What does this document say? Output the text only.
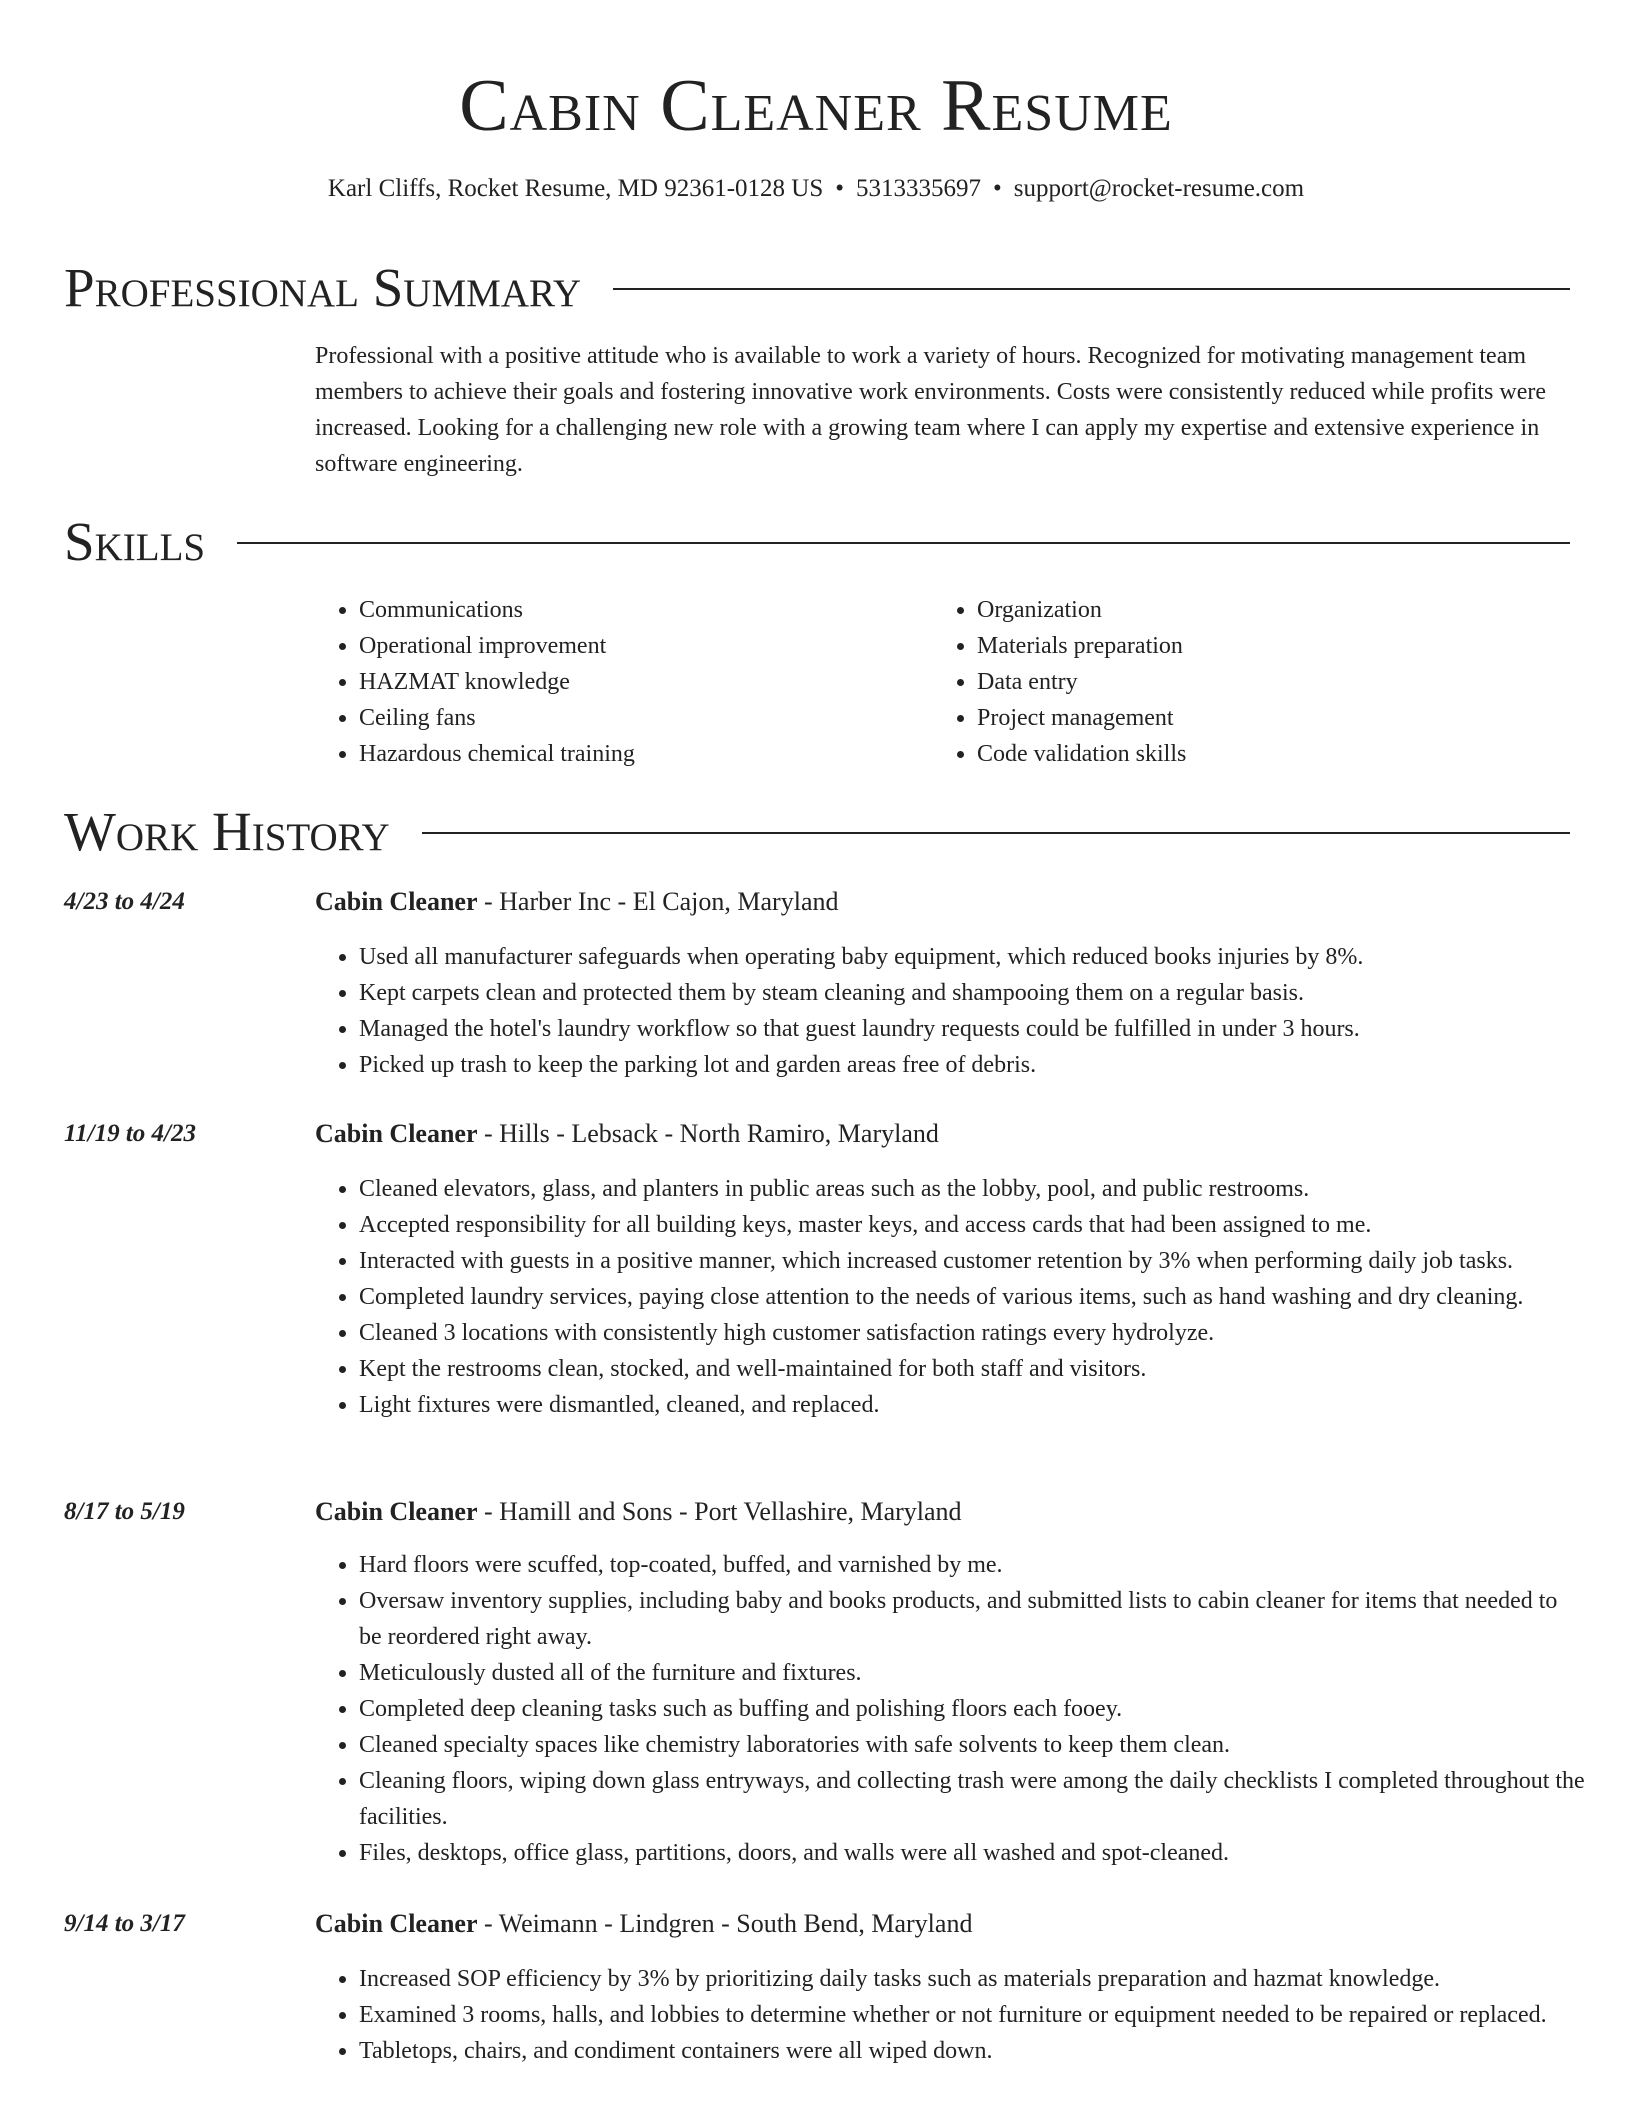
Cabin Cleaner Resume
Karl Cliffs, Rocket Resume, MD 92361-0128 US • 5313335697 • support@rocket-resume.com
Professional Summary

Professional with a positive attitude who is available to work a variety of hours. Recognized for motivating management team members to achieve their goals and fostering innovative work environments. Costs were consistently reduced while profits were increased. Looking for a challenging new role with a growing team where I can apply my expertise and extensive experience in software engineering.

Skills
• Communications
• Operational improvement
• HAZMAT knowledge
• Ceiling fans
• Hazardous chemical training
• Organization
• Materials preparation
• Data entry
• Project management
• Code validation skills
Work History
4/23 to 4/24	Cabin Cleaner - Harber Inc - El Cajon, Maryland
• Used all manufacturer safeguards when operating baby equipment, which reduced books injuries by 8%.
• Kept carpets clean and protected them by steam cleaning and shampooing them on a regular basis.
• Managed the hotel's laundry workflow so that guest laundry requests could be fulfilled in under 3 hours.
• Picked up trash to keep the parking lot and garden areas free of debris.
11/19 to 4/23	Cabin Cleaner - Hills - Lebsack - North Ramiro, Maryland
• Cleaned elevators, glass, and planters in public areas such as the lobby, pool, and public restrooms.
• Accepted responsibility for all building keys, master keys, and access cards that had been assigned to me.
• Interacted with guests in a positive manner, which increased customer retention by 3% when performing daily job tasks.
• Completed laundry services, paying close attention to the needs of various items, such as hand washing and dry cleaning.
• Cleaned 3 locations with consistently high customer satisfaction ratings every hydrolyze.
• Kept the restrooms clean, stocked, and well-maintained for both staff and visitors.
• Light fixtures were dismantled, cleaned, and replaced.
8/17 to 5/19	Cabin Cleaner - Hamill and Sons - Port Vellashire, Maryland
• Hard floors were scuffed, top-coated, buffed, and varnished by me.
• Oversaw inventory supplies, including baby and books products, and submitted lists to cabin cleaner for items that needed to be reordered right away.
• Meticulously dusted all of the furniture and fixtures.
• Completed deep cleaning tasks such as buffing and polishing floors each fooey.
• Cleaned specialty spaces like chemistry laboratories with safe solvents to keep them clean.
• Cleaning floors, wiping down glass entryways, and collecting trash were among the daily checklists I completed throughout the facilities.
• Files, desktops, office glass, partitions, doors, and walls were all washed and spot-cleaned.
9/14 to 3/17	Cabin Cleaner - Weimann - Lindgren - South Bend, Maryland
• Increased SOP efficiency by 3% by prioritizing daily tasks such as materials preparation and hazmat knowledge.
• Examined 3 rooms, halls, and lobbies to determine whether or not furniture or equipment needed to be repaired or replaced.
• Tabletops, chairs, and condiment containers were all wiped down.
